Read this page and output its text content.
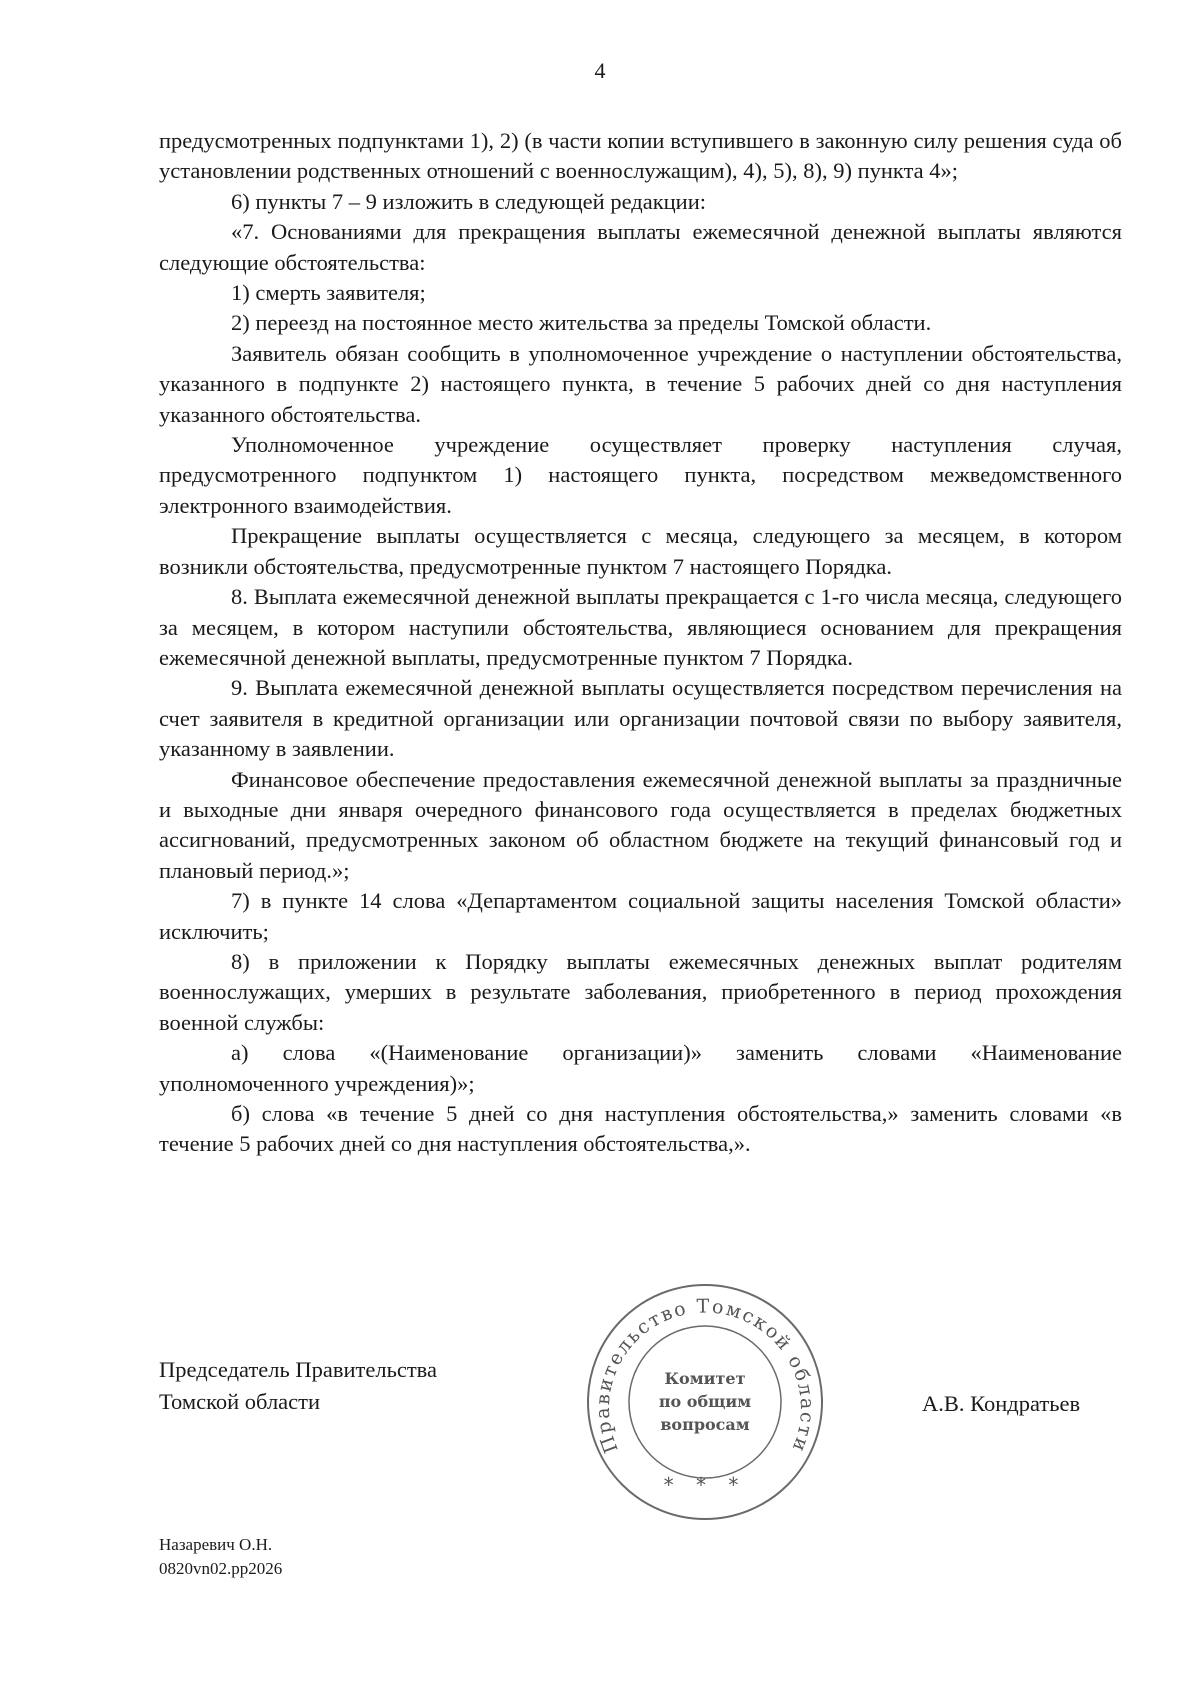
4

предусмотренных подпунктами 1), 2) (в части копии вступившего в законную силу решения суда об установлении родственных отношений с военнослужащим), 4), 5), 8), 9) пункта 4»;

6) пункты 7 – 9 изложить в следующей редакции:

«7. Основаниями для прекращения выплаты ежемесячной денежной выплаты являются следующие обстоятельства:

1) смерть заявителя;

2) переезд на постоянное место жительства за пределы Томской области.

Заявитель обязан сообщить в уполномоченное учреждение о наступлении обстоятельства, указанного в подпункте 2) настоящего пункта, в течение 5 рабочих дней со дня наступления указанного обстоятельства.

Уполномоченное учреждение осуществляет проверку наступления случая, предусмотренного подпунктом 1) настоящего пункта, посредством межведомственного электронного взаимодействия.

Прекращение выплаты осуществляется с месяца, следующего за месяцем, в котором возникли обстоятельства, предусмотренные пунктом 7 настоящего Порядка.

8. Выплата ежемесячной денежной выплаты прекращается с 1-го числа месяца, следующего за месяцем, в котором наступили обстоятельства, являющиеся основанием для прекращения ежемесячной денежной выплаты, предусмотренные пунктом 7 Порядка.

9. Выплата ежемесячной денежной выплаты осуществляется посредством перечисления на счет заявителя в кредитной организации или организации почтовой связи по выбору заявителя, указанному в заявлении.

Финансовое обеспечение предоставления ежемесячной денежной выплаты за праздничные и выходные дни января очередного финансового года осуществляется в пределах бюджетных ассигнований, предусмотренных законом об областном бюджете на текущий финансовый год и плановый период.»;

7) в пункте 14 слова «Департаментом социальной защиты населения Томской области» исключить;

8) в приложении к Порядку выплаты ежемесячных денежных выплат родителям военнослужащих, умерших в результате заболевания, приобретенного в период прохождения военной службы:

а) слова «(Наименование организации)» заменить словами «Наименование уполномоченного учреждения)»;

б) слова «в течение 5 дней со дня наступления обстоятельства,» заменить словами «в течение 5 рабочих дней со дня наступления обстоятельства,».

Председатель Правительства
Томской области	А.В. Кондратьев
Правительство Томской области
Комитет
по общим
вопросам
* * *
Назаревич О.Н.
0820vn02.pp2026
